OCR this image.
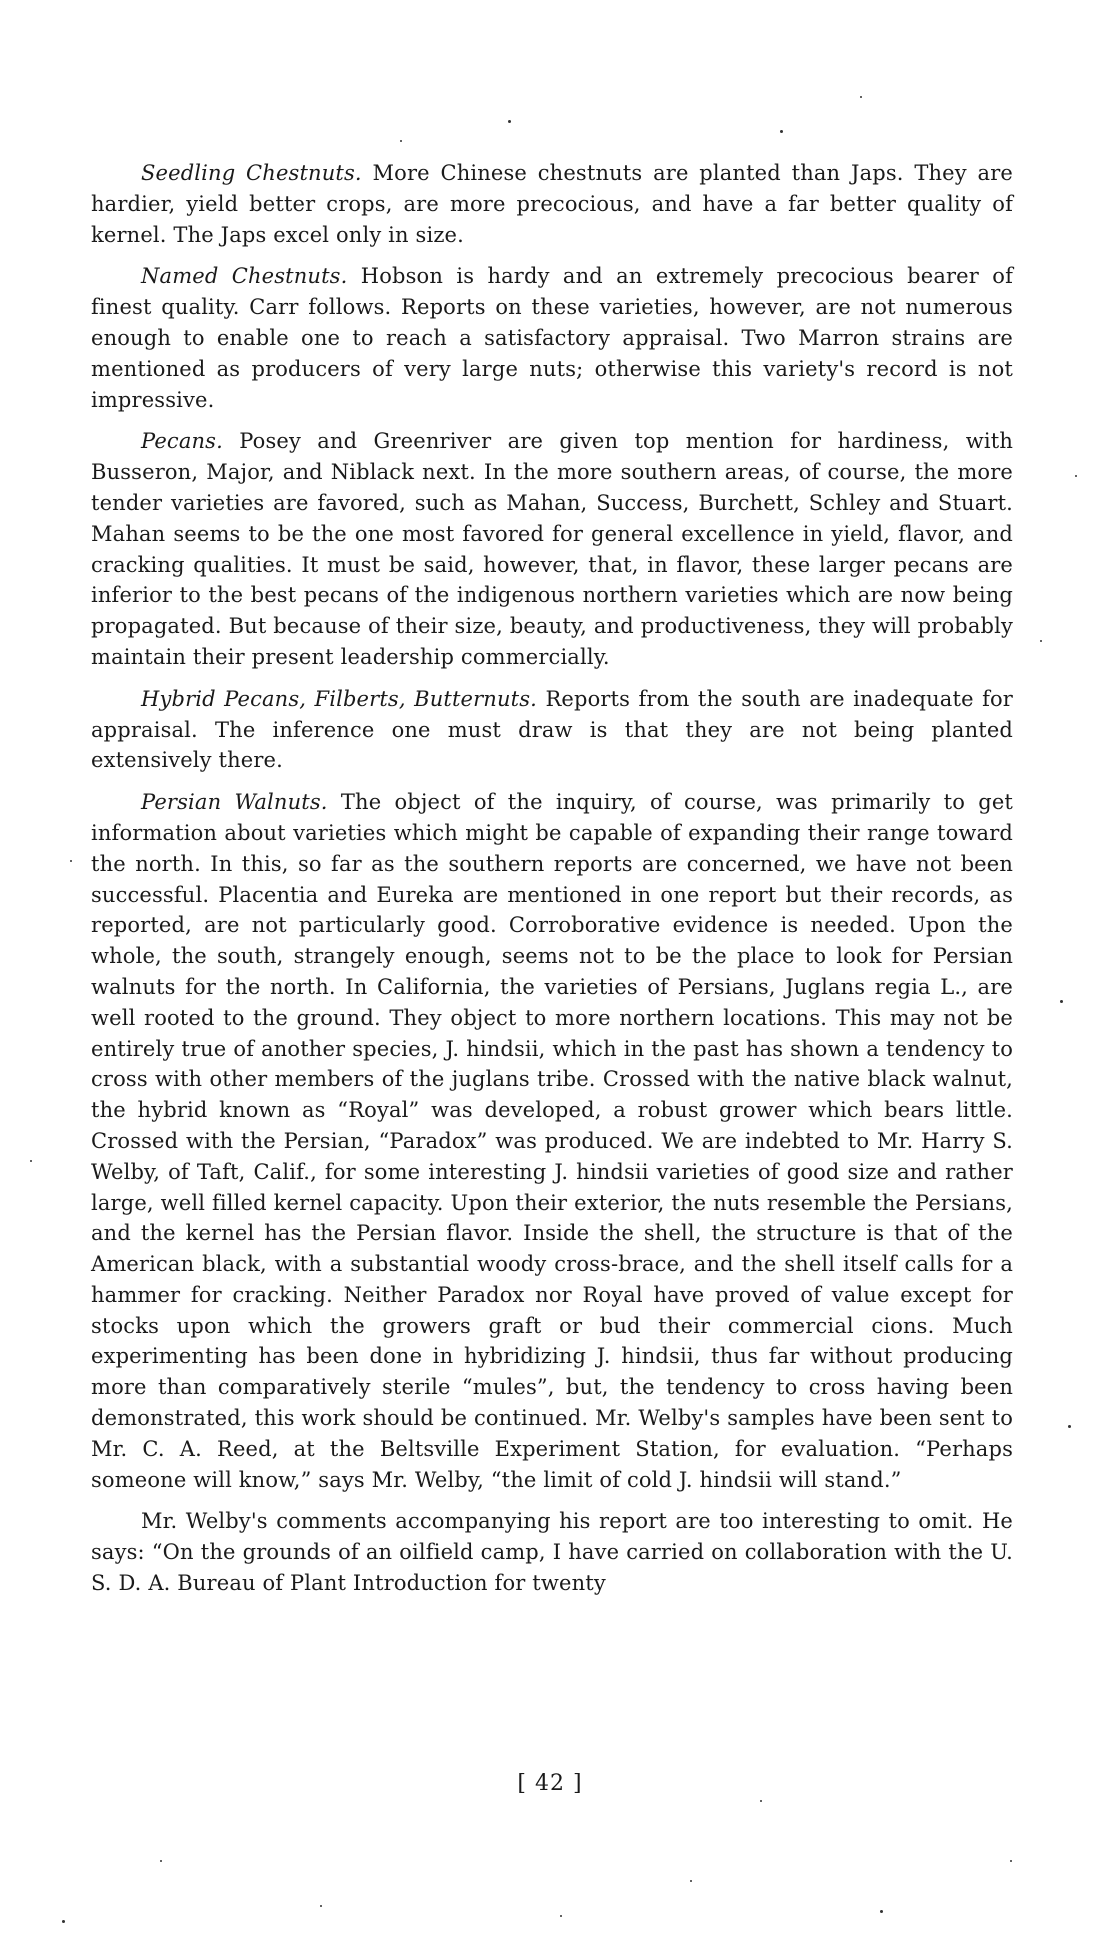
Seedling Chestnuts. More Chinese chestnuts are planted than Japs. They are hardier, yield better crops, are more precocious, and have a far better quality of kernel. The Japs excel only in size.

Named Chestnuts. Hobson is hardy and an extremely precocious bearer of finest quality. Carr follows. Reports on these varieties, however, are not numerous enough to enable one to reach a satisfactory appraisal. Two Marron strains are mentioned as producers of very large nuts; otherwise this variety's record is not impressive.

Pecans. Posey and Greenriver are given top mention for hardiness, with Busseron, Major, and Niblack next. In the more southern areas, of course, the more tender varieties are favored, such as Mahan, Success, Burchett, Schley and Stuart. Mahan seems to be the one most favored for general excellence in yield, flavor, and cracking qualities. It must be said, however, that, in flavor, these larger pecans are inferior to the best pecans of the indigenous northern varieties which are now being propagated. But because of their size, beauty, and productiveness, they will probably maintain their present leadership commercially.

Hybrid Pecans, Filberts, Butternuts. Reports from the south are inadequate for appraisal. The inference one must draw is that they are not being planted extensively there.

Persian Walnuts. The object of the inquiry, of course, was primarily to get information about varieties which might be capable of expanding their range toward the north. In this, so far as the southern reports are concerned, we have not been successful. Placentia and Eureka are mentioned in one report but their records, as reported, are not particularly good. Corroborative evidence is needed. Upon the whole, the south, strangely enough, seems not to be the place to look for Persian walnuts for the north. In California, the varieties of Persians, Juglans regia L., are well rooted to the ground. They object to more northern locations. This may not be entirely true of another species, J. hindsii, which in the past has shown a tendency to cross with other members of the juglans tribe. Crossed with the native black walnut, the hybrid known as “Royal” was developed, a robust grower which bears little. Crossed with the Persian, “Paradox” was produced. We are indebted to Mr. Harry S. Welby, of Taft, Calif., for some interesting J. hindsii varieties of good size and rather large, well filled kernel capacity. Upon their exterior, the nuts resemble the Persians, and the kernel has the Persian flavor. Inside the shell, the structure is that of the American black, with a substantial woody cross-brace, and the shell itself calls for a hammer for cracking. Neither Paradox nor Royal have proved of value except for stocks upon which the growers graft or bud their commercial cions. Much experimenting has been done in hybridizing J. hindsii, thus far without producing more than comparatively sterile “mules”, but, the tendency to cross having been demonstrated, this work should be continued. Mr. Welby's samples have been sent to Mr. C. A. Reed, at the Beltsville Experiment Station, for evaluation. “Perhaps someone will know,” says Mr. Welby, “the limit of cold J. hindsii will stand.”

Mr. Welby's comments accompanying his report are too interesting to omit. He says: “On the grounds of an oilfield camp, I have carried on collaboration with the U. S. D. A. Bureau of Plant Introduction for twenty

[ 42 ]
